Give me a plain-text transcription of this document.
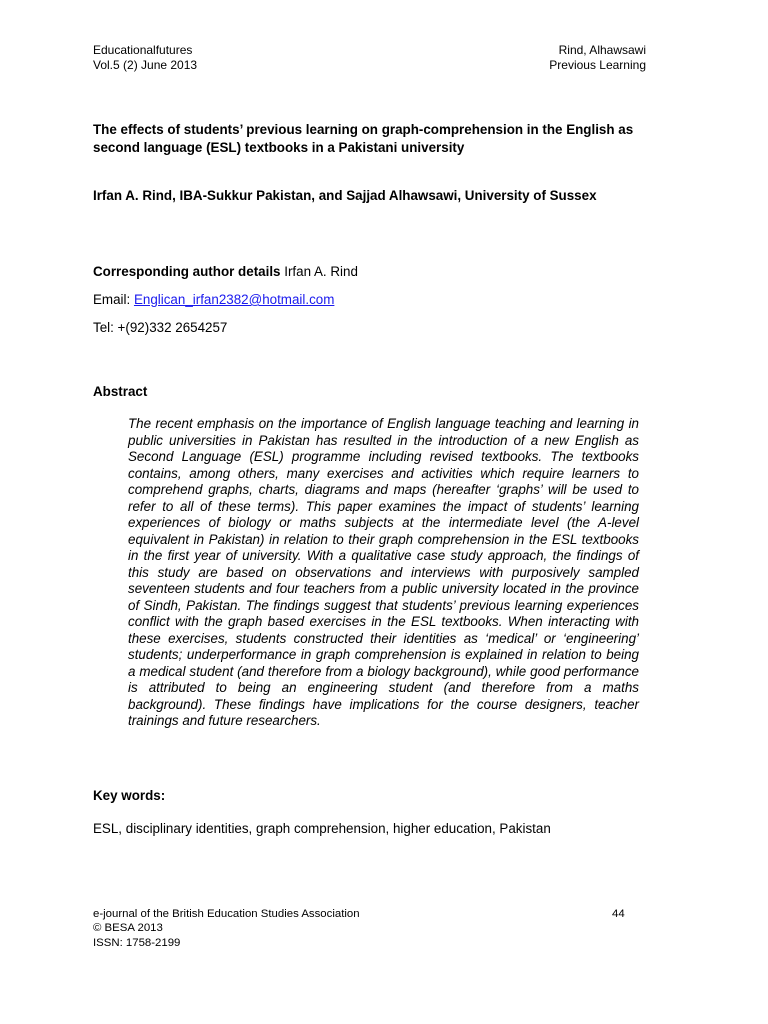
Educationalfutures
Vol.5 (2) June 2013
Rind, Alhawsawi
Previous Learning
The effects of students’ previous learning on graph-comprehension in the English as second language (ESL) textbooks in a Pakistani university
Irfan A. Rind, IBA-Sukkur Pakistan, and Sajjad Alhawsawi, University of Sussex
Corresponding author details Irfan A. Rind
Email: Englican_irfan2382@hotmail.com
Tel: +(92)332 2654257
Abstract
The recent emphasis on the importance of English language teaching and learning in public universities in Pakistan has resulted in the introduction of a new English as Second Language (ESL) programme including revised textbooks. The textbooks contains, among others, many exercises and activities which require learners to comprehend graphs, charts, diagrams and maps (hereafter ‘graphs’ will be used to refer to all of these terms). This paper examines the impact of students’ learning experiences of biology or maths subjects at the intermediate level (the A-level equivalent in Pakistan) in relation to their graph comprehension in the ESL textbooks in the first year of university. With a qualitative case study approach, the findings of this study are based on observations and interviews with purposively sampled seventeen students and four teachers from a public university located in the province of Sindh, Pakistan. The findings suggest that students’ previous learning experiences conflict with the graph based exercises in the ESL textbooks. When interacting with these exercises, students constructed their identities as ‘medical’ or ‘engineering’ students; underperformance in graph comprehension is explained in relation to being a medical student (and therefore from a biology background), while good performance is attributed to being an engineering student (and therefore from a maths background). These findings have implications for the course designers, teacher trainings and future researchers.
Key words:
ESL, disciplinary identities, graph comprehension, higher education, Pakistan
e-journal of the British Education Studies Association
© BESA 2013
ISSN: 1758-2199
44
